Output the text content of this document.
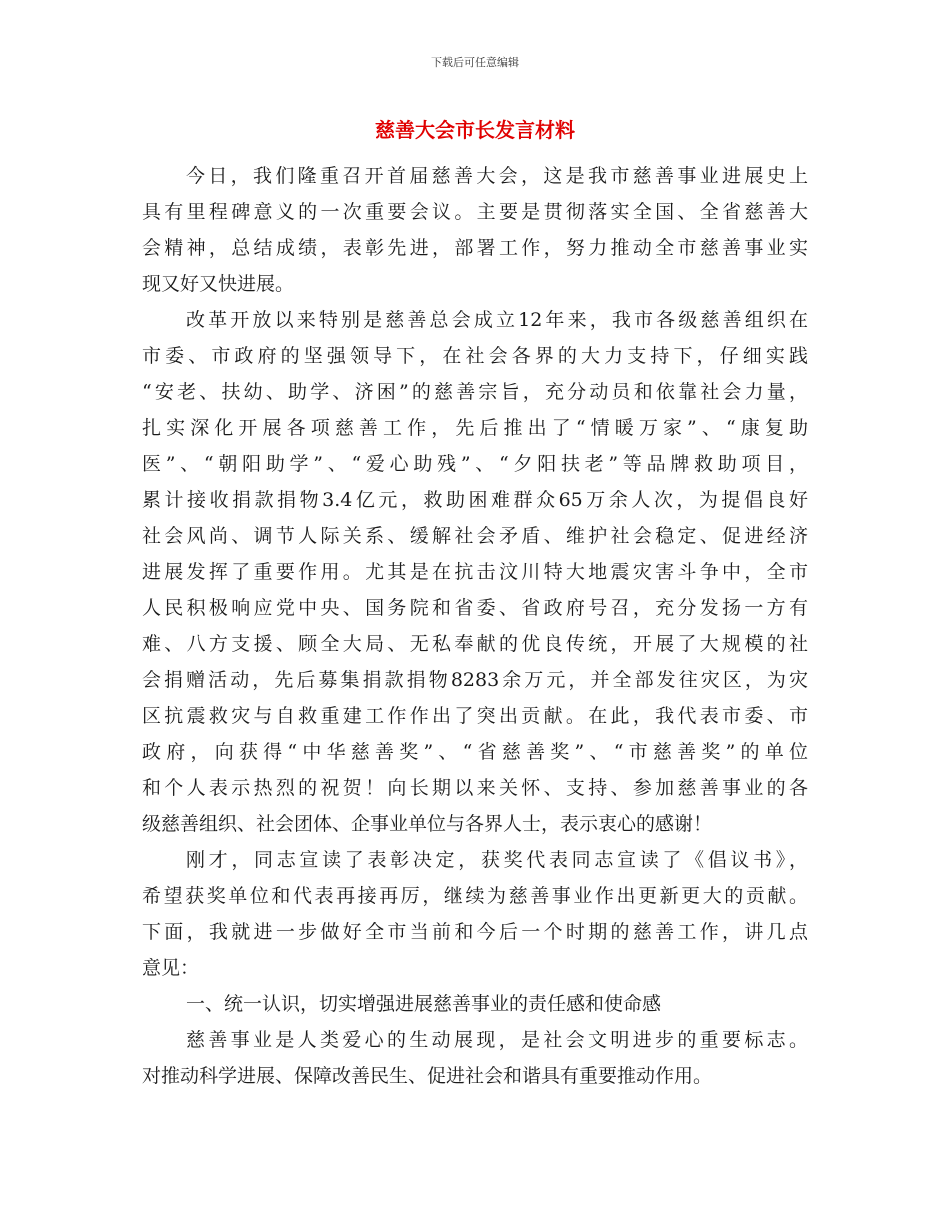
下载后可任意编辑
慈善大会市长发言材料
今日，我们隆重召开首届慈善大会，这是我市慈善事业进展史上
具有里程碑意义的一次重要会议。主要是贯彻落实全国、全省慈善大
会精神，总结成绩，表彰先进，部署工作，努力推动全市慈善事业实
现又好又快进展。
改革开放以来特别是慈善总会成立12年来，我市各级慈善组织在
市委、市政府的坚强领导下，在社会各界的大力支持下，仔细实践
“安老、扶幼、助学、济困”的慈善宗旨，充分动员和依靠社会力量，
扎实深化开展各项慈善工作，先后推出了“情暖万家”、“康复助
医”、“朝阳助学”、“爱心助残”、“夕阳扶老”等品牌救助项目，
累计接收捐款捐物3.4亿元，救助困难群众65万余人次，为提倡良好
社会风尚、调节人际关系、缓解社会矛盾、维护社会稳定、促进经济
进展发挥了重要作用。尤其是在抗击汶川特大地震灾害斗争中，全市
人民积极响应党中央、国务院和省委、省政府号召，充分发扬一方有
难、八方支援、顾全大局、无私奉献的优良传统，开展了大规模的社
会捐赠活动，先后募集捐款捐物8283余万元，并全部发往灾区，为灾
区抗震救灾与自救重建工作作出了突出贡献。在此，我代表市委、市
政府，向获得“中华慈善奖”、“省慈善奖”、“市慈善奖”的单位
和个人表示热烈的祝贺！向长期以来关怀、支持、参加慈善事业的各
级慈善组织、社会团体、企事业单位与各界人士，表示衷心的感谢！
刚才，同志宣读了表彰决定，获奖代表同志宣读了《倡议书》，
希望获奖单位和代表再接再厉，继续为慈善事业作出更新更大的贡献。
下面，我就进一步做好全市当前和今后一个时期的慈善工作，讲几点
意见：
一、统一认识，切实增强进展慈善事业的责任感和使命感
慈善事业是人类爱心的生动展现，是社会文明进步的重要标志。
对推动科学进展、保障改善民生、促进社会和谐具有重要推动作用。
